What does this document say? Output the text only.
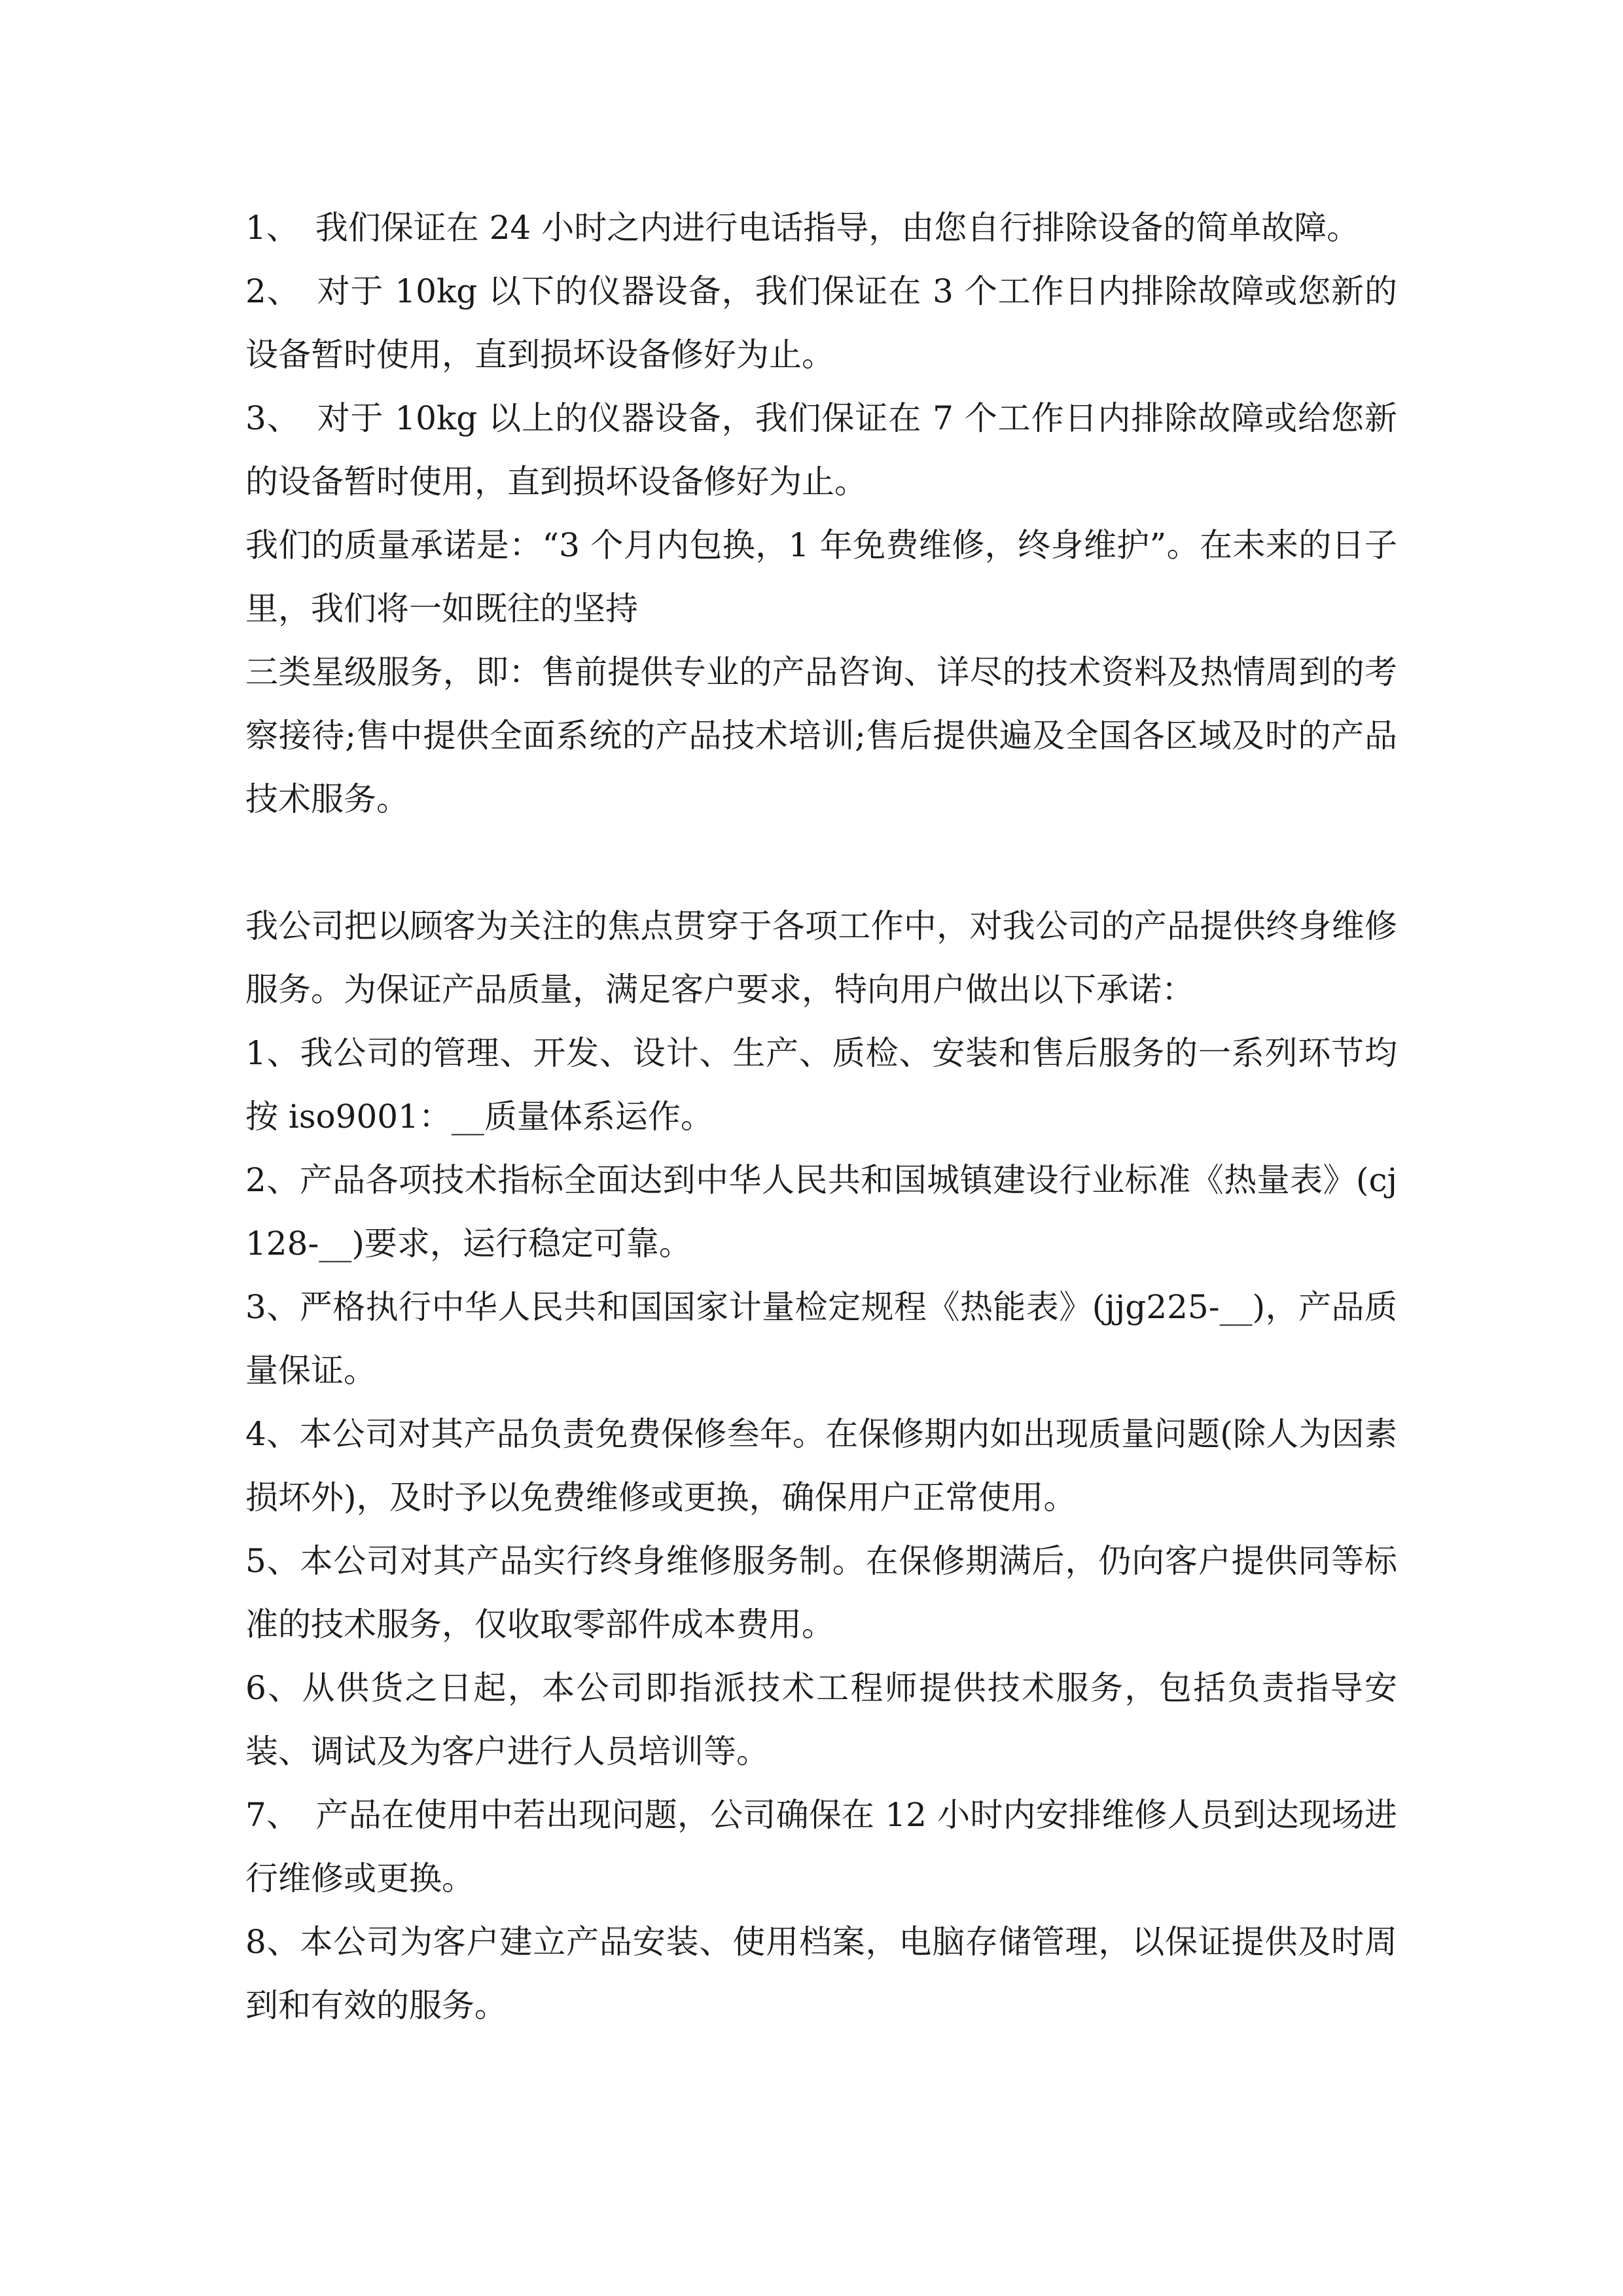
1、　我们保证在 24 小时之内进行电话指导，由您自行排除设备的简单故障。

2、　对于 10kg 以下的仪器设备，我们保证在 3 个工作日内排除故障或您新的设备暂时使用，直到损坏设备修好为止。

3、　对于 10kg 以上的仪器设备，我们保证在 7 个工作日内排除故障或给您新的设备暂时使用，直到损坏设备修好为止。

我们的质量承诺是：“3 个月内包换，1 年免费维修，终身维护”。在未来的日子里，我们将一如既往的坚持

三类星级服务，即：售前提供专业的产品咨询、详尽的技术资料及热情周到的考察接待;售中提供全面系统的产品技术培训;售后提供遍及全国各区域及时的产品技术服务。

我公司把以顾客为关注的焦点贯穿于各项工作中，对我公司的产品提供终身维修服务。为保证产品质量，满足客户要求，特向用户做出以下承诺：

1、我公司的管理、开发、设计、生产、质检、安装和售后服务的一系列环节均按 iso9001：__质量体系运作。

2、产品各项技术指标全面达到中华人民共和国城镇建设行业标准《热量表》(cj128-__)要求，运行稳定可靠。

3、严格执行中华人民共和国国家计量检定规程《热能表》(jjg225-__)，产品质量保证。

4、本公司对其产品负责免费保修叁年。在保修期内如出现质量问题(除人为因素损坏外)，及时予以免费维修或更换，确保用户正常使用。

5、本公司对其产品实行终身维修服务制。在保修期满后，仍向客户提供同等标准的技术服务，仅收取零部件成本费用。

6、从供货之日起，本公司即指派技术工程师提供技术服务，包括负责指导安装、调试及为客户进行人员培训等。

7、　产品在使用中若出现问题，公司确保在 12 小时内安排维修人员到达现场进行维修或更换。

8、本公司为客户建立产品安装、使用档案，电脑存储管理，以保证提供及时周到和有效的服务。
